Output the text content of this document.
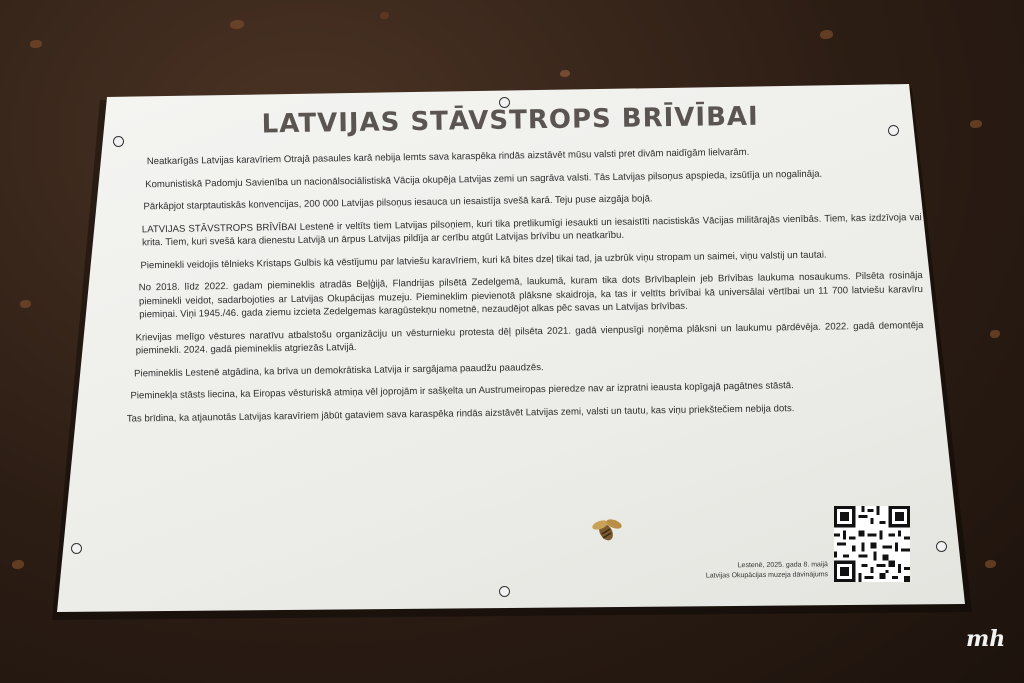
LATVIJAS STĀVSTROPS BRĪVĪBAI

Neatkarīgās Latvijas karavīriem Otrajā pasaules karā nebija lemts sava karaspēka rindās aizstāvēt mūsu valsti pret divām naidīgām lielvarām.

Komunistiskā Padomju Savienība un nacionālsociālistiskā Vācija okupēja Latvijas zemi un sagrāva valsti. Tās Latvijas pilsoņus apspieda, izsūtīja un nogalināja.

Pārkāpjot starptautiskās konvencijas, 200 000 Latvijas pilsoņus iesauca un iesaistīja svešā karā. Teju puse aizgāja bojā.

LATVIJAS STĀVSTROPS BRĪVĪBAI Lestenē ir veltīts tiem Latvijas pilsoņiem, kuri tika pretlikumīgi iesaukti un iesaistīti nacistiskās Vācijas militārajās vienībās. Tiem, kas izdzīvoja vai krita. Tiem, kuri svešā kara dienestu Latvijā un ārpus Latvijas pildīja ar cerību atgūt Latvijas brīvību un neatkarību.

Pieminekli veidojis tēlnieks Kristaps Gulbis kā vēstījumu par latviešu karavīriem, kuri kā bites dzeļ tikai tad, ja uzbrūk viņu stropam un saimei, viņu valstij un tautai.

No 2018. līdz 2022. gadam piemineklis atradās Beļģijā, Flandrijas pilsētā Zedelgemā, laukumā, kuram tika dots Brīvībaplein jeb Brīvības laukuma nosaukums. Pilsēta rosināja pieminekli veidot, sadarbojoties ar Latvijas Okupācijas muzeju. Piemineklim pievienotā plāksne skaidroja, ka tas ir veltīts brīvībai kā universālai vērtībai un 11 700 latviešu karavīru piemiņai. Viņi 1945./46. gada ziemu izcieta Zedelgemas karagūstekņu nometnē, nezaudējot alkas pēc savas un Latvijas brīvības.

Krievijas melīgo vēstures naratīvu atbalstošu organizāciju un vēsturnieku protesta dēļ pilsēta 2021. gadā vienpusīgi noņēma plāksni un laukumu pārdēvēja. 2022. gadā demontēja pieminekli. 2024. gadā piemineklis atgriezās Latvijā.

Piemineklis Lestenē atgādina, ka brīva un demokrātiska Latvija ir sargājama paaudžu paaudzēs.

Pieminekļa stāsts liecina, ka Eiropas vēsturiskā atmiņa vēl joprojām ir sašķelta un Austrumeiropas pieredze nav ar izpratni ieausta kopīgajā pagātnes stāstā.

Tas brīdina, ka atjaunotās Latvijas karavīriem jābūt gataviem sava karaspēka rindās aizstāvēt Latvijas zemi, valsti un tautu, kas viņu priekštečiem nebija dots.

Lestenē, 2025. gada 8. maijā
Latvijas Okupācijas muzeja dāvinājums
mh
